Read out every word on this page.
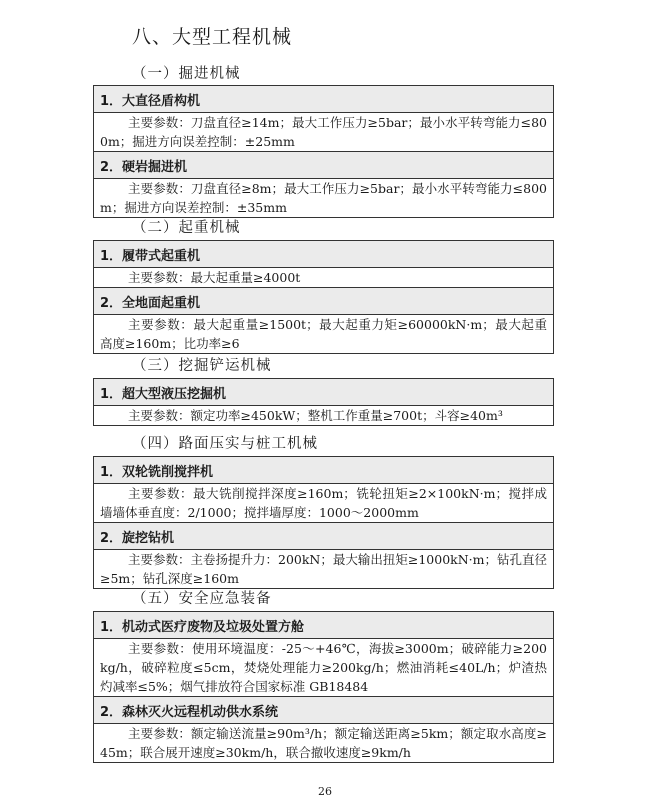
八、大型工程机械
（一）掘进机械
1．大直径盾构机
主要参数：刀盘直径≥14m；最大工作压力≥5bar；最小水平转弯能力≤800m；掘进方向误差控制：±25mm
2．硬岩掘进机
主要参数：刀盘直径≥8m；最大工作压力≥5bar；最小水平转弯能力≤800m；掘进方向误差控制：±35mm
（二）起重机械
1．履带式起重机
主要参数：最大起重量≥4000t
2．全地面起重机
主要参数：最大起重量≥1500t；最大起重力矩≥60000kN·m；最大起重高度≥160m；比功率≥6
（三）挖掘铲运机械
1．超大型液压挖掘机
主要参数：额定功率≥450kW；整机工作重量≥700t；斗容≥40m³
（四）路面压实与桩工机械
1．双轮铣削搅拌机
主要参数：最大铣削搅拌深度≥160m；铣轮扭矩≥2×100kN·m；搅拌成墙墙体垂直度：2/1000；搅拌墙厚度：1000～2000mm
2．旋挖钻机
主要参数：主卷扬提升力：200kN；最大输出扭矩≥1000kN·m；钻孔直径≥5m；钻孔深度≥160m
（五）安全应急装备
1．机动式医疗废物及垃圾处置方舱
主要参数：使用环境温度：-25～+46℃，海拔≥3000m；破碎能力≥200kg/h，破碎粒度≤5cm，焚烧处理能力≥200kg/h；燃油消耗≤40L/h；炉渣热灼减率≤5%；烟气排放符合国家标准 GB18484
2．森林灭火远程机动供水系统
主要参数：额定输送流量≥90m³/h；额定输送距离≥5km；额定取水高度≥45m；联合展开速度≥30km/h，联合撤收速度≥9km/h
26
